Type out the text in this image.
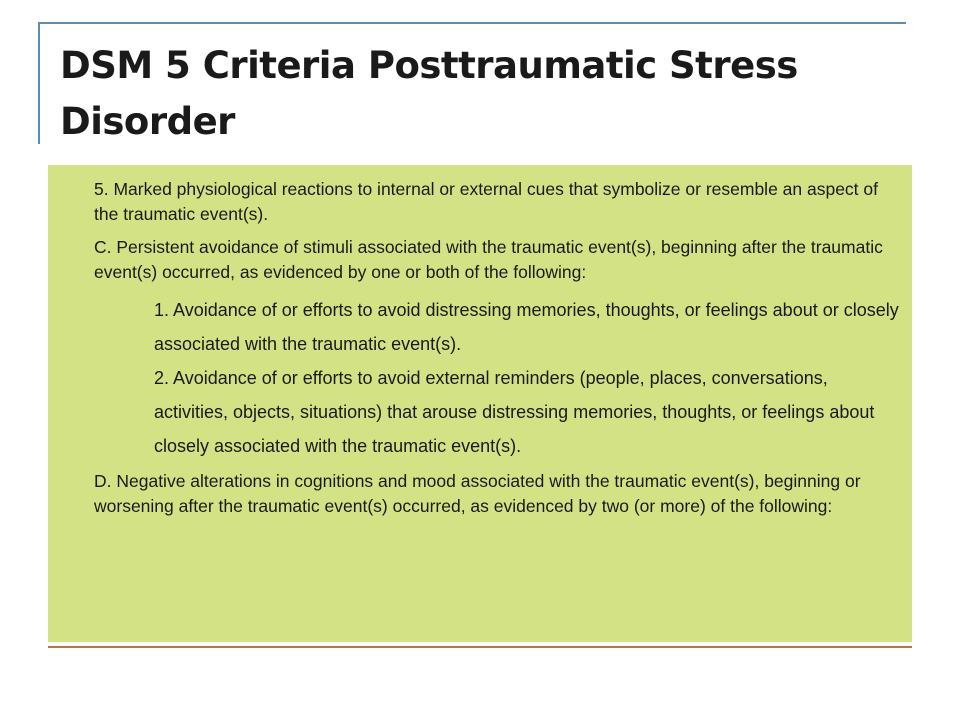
DSM 5 Criteria Posttraumatic Stress Disorder
5. Marked physiological reactions to internal or external cues that symbolize or resemble an aspect of the traumatic event(s).
C. Persistent avoidance of stimuli associated with the traumatic event(s), beginning after the traumatic event(s) occurred, as evidenced by one or both of the following:
1. Avoidance of or efforts to avoid distressing memories, thoughts, or feelings about or closely associated with the traumatic event(s).
2. Avoidance of or efforts to avoid external reminders (people, places, conversations, activities, objects, situations) that arouse distressing memories, thoughts, or feelings about closely associated with the traumatic event(s).
D. Negative alterations in cognitions and mood associated with the traumatic event(s), beginning or worsening after the traumatic event(s) occurred, as evidenced by two (or more) of the following:
